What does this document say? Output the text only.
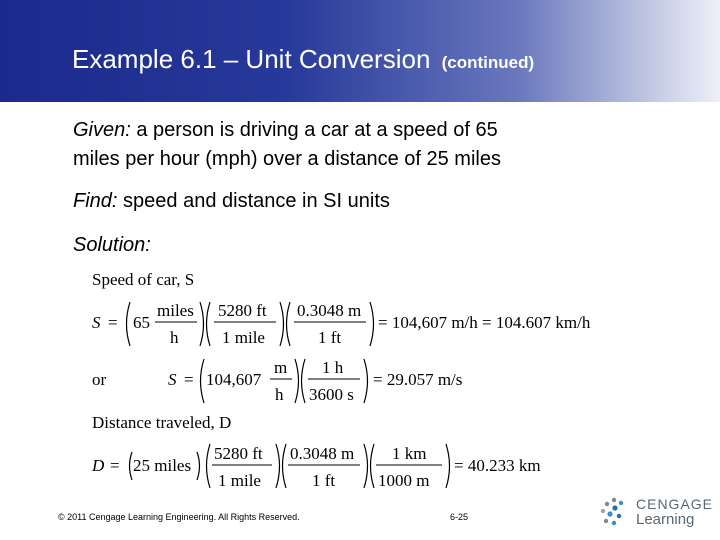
Example 6.1 – Unit Conversion (continued)
Given: a person is driving a car at a speed of 65
miles per hour (mph) over a distance of 25 miles
Find: speed and distance in SI units
Solution:
Speed of car, S
S = 65
miles
h
5280 ft
1 mile
0.3048 m
1 ft
= 104,607 m/h = 104.607 km/h
or	S = 104,607
m
h
1 h
3600 s
= 29.057 m/s
Distance traveled, D
D = 25 miles
5280 ft
1 mile
0.3048 m
1 ft
1 km
1000 m
= 40.233 km
© 2011 Cengage Learning Engineering. All Rights Reserved.	6-25
CENGAGE
Learning
